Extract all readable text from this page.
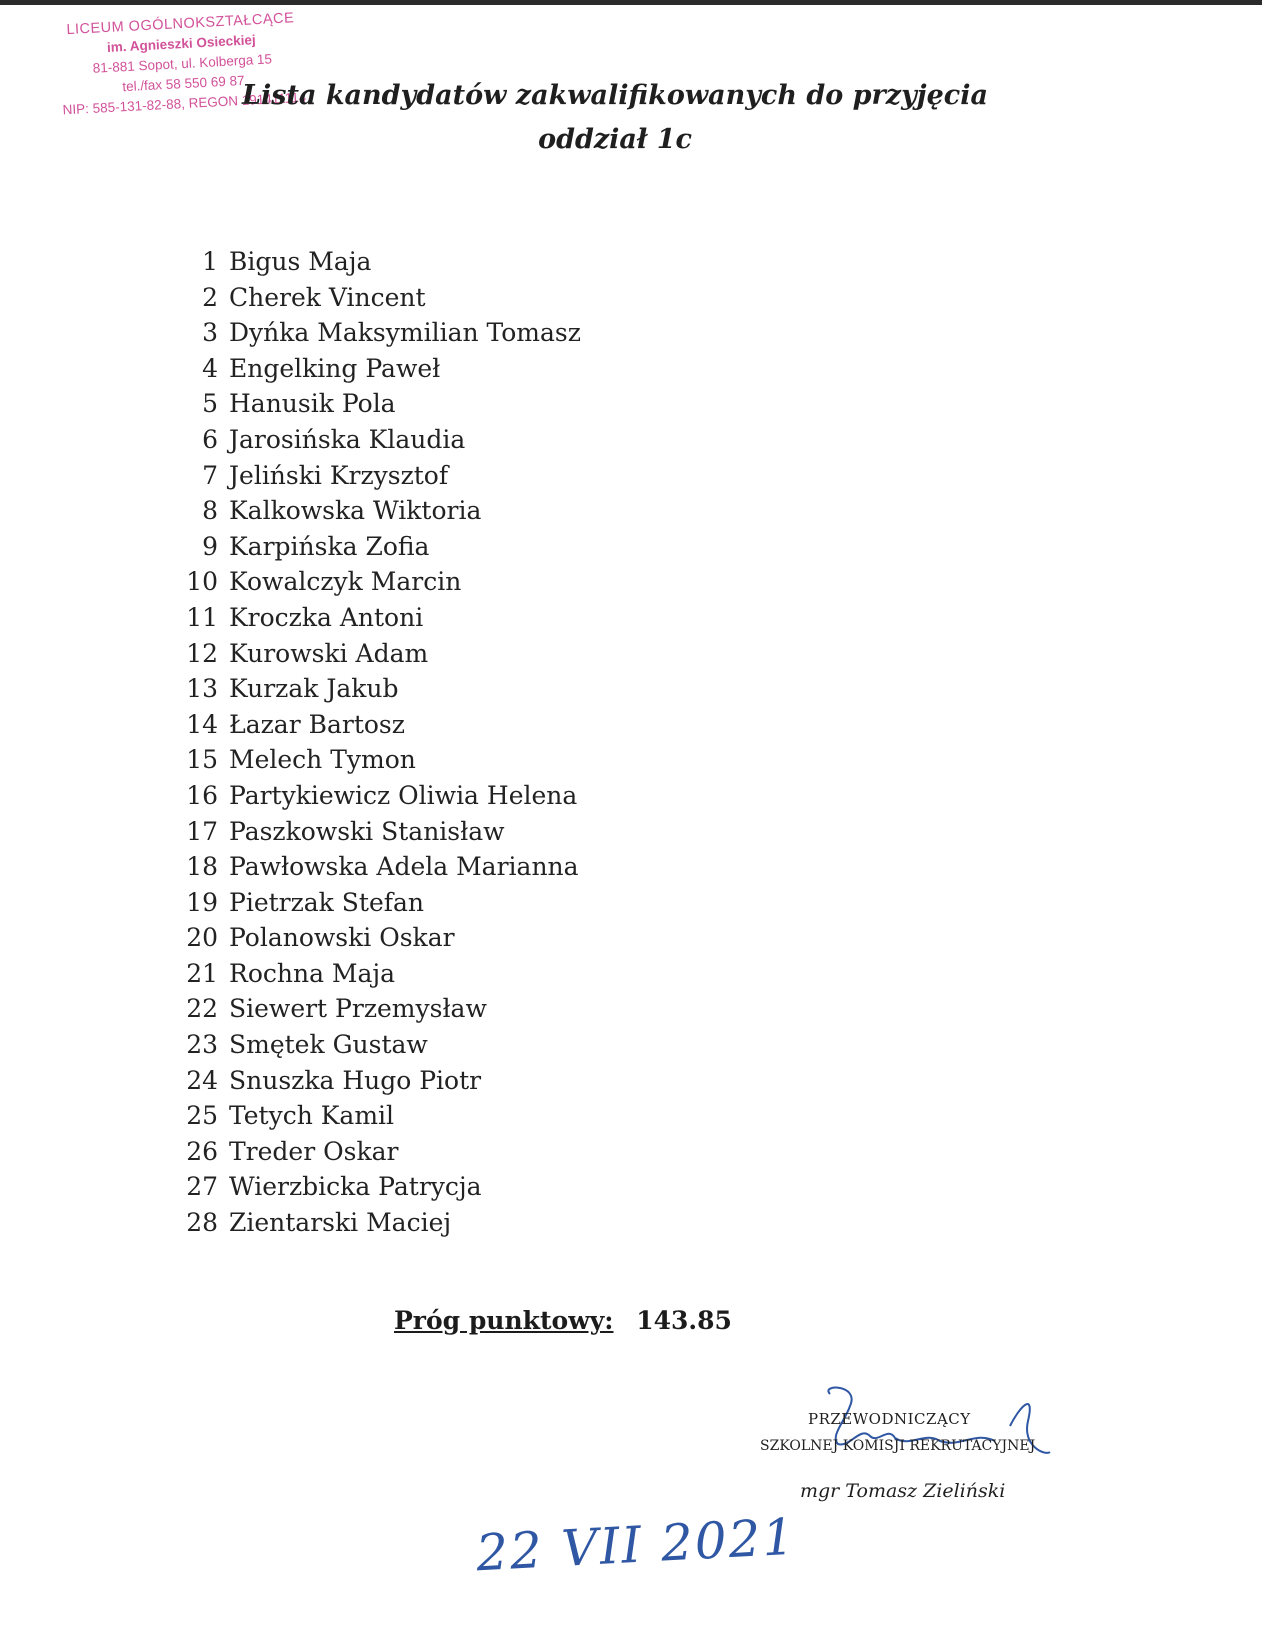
LICEUM OGÓLNOKSZTAŁCĄCE
im. Agnieszki Osieckiej
81-881 Sopot, ul. Kolberga 15
tel./fax 58 550 69 87
NIP: 585-131-82-88, REGON 191411114
Lista kandydatów zakwalifikowanych do przyjęcia
oddział 1c
1 Bigus Maja
2 Cherek Vincent
3 Dyńka Maksymilian Tomasz
4 Engelking Paweł
5 Hanusik Pola
6 Jarosińska Klaudia
7 Jeliński Krzysztof
8 Kalkowska Wiktoria
9 Karpińska Zofia
10 Kowalczyk Marcin
11 Kroczka Antoni
12 Kurowski Adam
13 Kurzak Jakub
14 Łazar Bartosz
15 Melech Tymon
16 Partykiewicz Oliwia Helena
17 Paszkowski Stanisław
18 Pawłowska Adela Marianna
19 Pietrzak Stefan
20 Polanowski Oskar
21 Rochna Maja
22 Siewert Przemysław
23 Smętek Gustaw
24 Snuszka Hugo Piotr
25 Tetych Kamil
26 Treder Oskar
27 Wierzbicka Patrycja
28 Zientarski Maciej
Próg punktowy: 143.85
PRZEWODNICZĄCY
SZKOLNEJ KOMISJI REKRUTACYJNEJ
mgr Tomasz Zieliński
22 VII 2021
